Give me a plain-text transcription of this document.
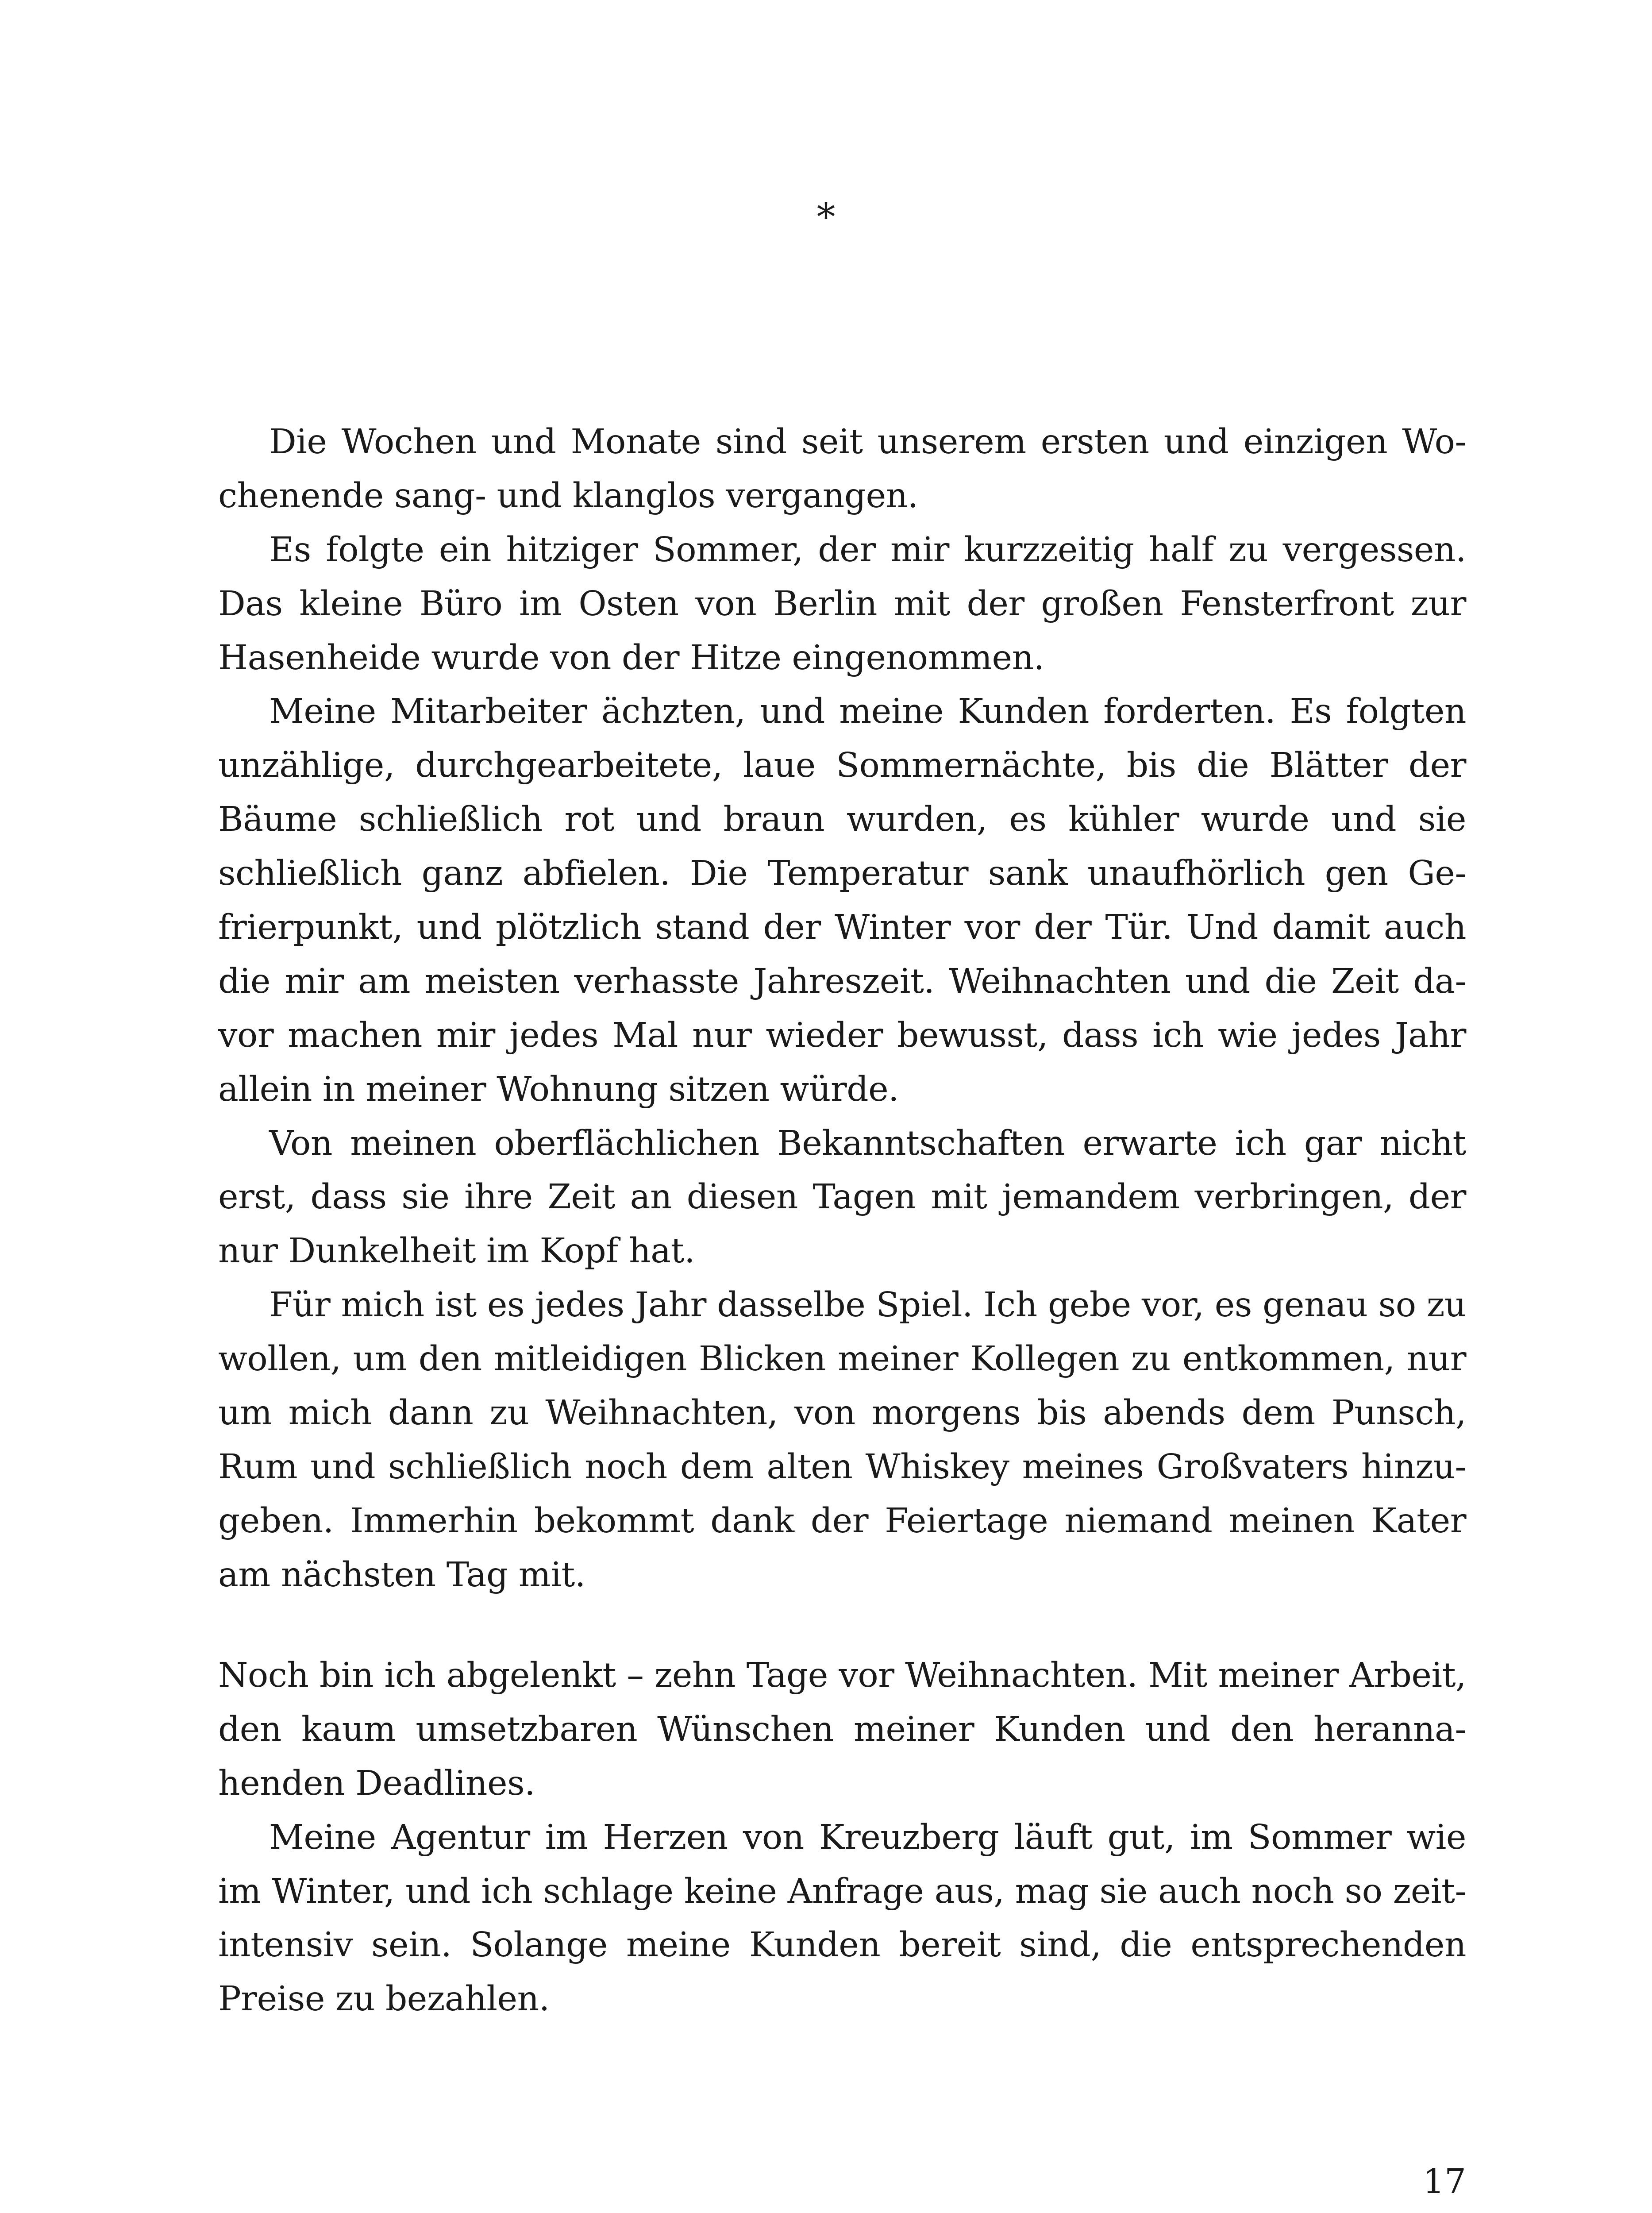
*
Die Wochen und Monate sind seit unserem ersten und einzigen Wo-
chenende sang- und klanglos vergangen.
Es folgte ein hitziger Sommer, der mir kurzzeitig half zu vergessen.
Das kleine Büro im Osten von Berlin mit der großen Fensterfront zur
Hasenheide wurde von der Hitze eingenommen.
Meine Mitarbeiter ächzten, und meine Kunden forderten. Es folgten
unzählige, durchgearbeitete, laue Sommernächte, bis die Blätter der
Bäume schließlich rot und braun wurden, es kühler wurde und sie
schließlich ganz abfielen. Die Temperatur sank unaufhörlich gen Ge-
frierpunkt, und plötzlich stand der Winter vor der Tür. Und damit auch
die mir am meisten verhasste Jahreszeit. Weihnachten und die Zeit da-
vor machen mir jedes Mal nur wieder bewusst, dass ich wie jedes Jahr
allein in meiner Wohnung sitzen würde.
Von meinen oberflächlichen Bekanntschaften erwarte ich gar nicht
erst, dass sie ihre Zeit an diesen Tagen mit jemandem verbringen, der
nur Dunkelheit im Kopf hat.
Für mich ist es jedes Jahr dasselbe Spiel. Ich gebe vor, es genau so zu
wollen, um den mitleidigen Blicken meiner Kollegen zu entkommen, nur
um mich dann zu Weihnachten, von morgens bis abends dem Punsch,
Rum und schließlich noch dem alten Whiskey meines Großvaters hinzu-
geben. Immerhin bekommt dank der Feiertage niemand meinen Kater
am nächsten Tag mit.
Noch bin ich abgelenkt – zehn Tage vor Weihnachten. Mit meiner Arbeit,
den kaum umsetzbaren Wünschen meiner Kunden und den heranna-
henden Deadlines.
Meine Agentur im Herzen von Kreuzberg läuft gut, im Sommer wie
im Winter, und ich schlage keine Anfrage aus, mag sie auch noch so zeit-
intensiv sein. Solange meine Kunden bereit sind, die entsprechenden
Preise zu bezahlen.
17
